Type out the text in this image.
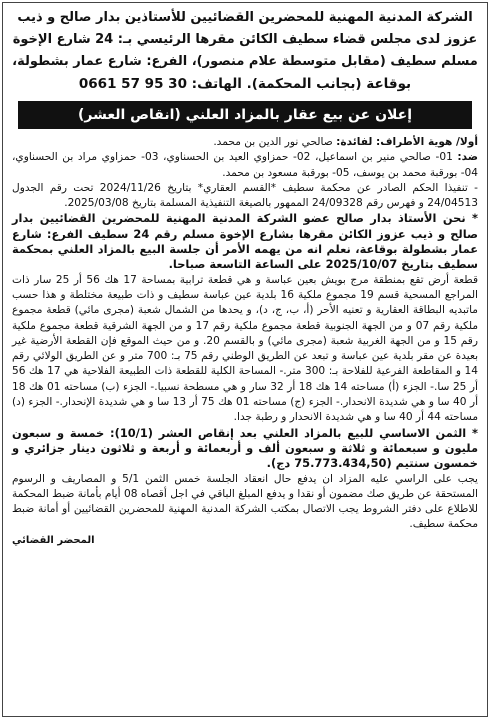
الشركة المدنية المهنية للمحضرين القضائيين للأستاذين بدار صالح و ذيب
عزوز لدى مجلس قضاء سطيف الكائن مقرها الرئيسي بـ: 24 شارع الإخوة
مسلم سطيف (مقابل متوسطة علام منصور)، الفرع: شارع عمار بشطولة،
بوقاعة (بجانب المحكمة). الهاتف: 30 95 57 0661
إعلان عن بيع عقار بالمزاد العلني (انقاص العشر)

أولا/ هوية الأطراف: لفائدة: صالحي نور الدين بن محمد.

ضد: 01- صالحي منير بن اسماعيل، 02- حمزاوي العيد بن الحسناوي، 03- حمزاوي مراد بن الحسناوي، 04- بورقبة محمد بن يوسف، 05- بورقبة مسعود بن محمد.

- تنفيذا الحكم الصادر عن محكمة سطيف *القسم العقاري* بتاريخ 2024/11/26 تحت رقم الجدول 24/04513 و فهرس رقم 24/09328 الممهور بالصيغة التنفيذية المسلمة بتاريخ 2025/03/08.

* نحن الأستاذ بدار صالح عضو الشركة المدنية المهنية للمحضرين القضائيين بدار صالح و ذيب عزوز الكائن مقرها بشارع الإخوة مسلم رقم 24 سطيف الفرع: شارع عمار بشطولة بوقاعة، نعلم انه من يهمه الأمر أن جلسة البيع بالمزاد العلني بمحكمة سطيف بتاريخ 2025/10/07 على الساعة التاسعة صباحا.

قطعة أرض تقع بمنطقة مرج بويش بعين عباسة و هي قطعة ترابية بمساحة 17 هك 56 أر 25 سار ذات المراجع المسحية قسم 19 مجموع ملكية 16 بلدية عين عباسة سطيف و ذات طبيعة مختلطة و هذا حسب ماتبديه البطاقة العقارية و تعنيه الأحر (أ، ب، ج، د)، و يحدها من الشمال شعبة (مجرى مائي) قطعة مجموع ملكية رقم 07 و من الجهة الجنوبية قطعة مجموع ملكية رقم 17 و من الجهة الشرقية قطعة مجموع ملكية رقم 15 و من الجهة الغربية شعبة (مجرى مائي) و بالقسم 20. و من حيث الموقع فإن القطعة الأرضية غير بعيدة عن مقر بلدية عين عباسة و تبعد عن الطريق الوطني رقم 75 بـ: 700 متر و عن الطريق الولائي رقم 14 و المقاطعة الفرعية للفلاحة بـ: 300 متر.- المساحة الكلية للقطعة ذات الطبيعة الفلاحية هي 17 هك 56 أر 25 سا.- الجزء (أ) مساحته 14 هك 18 أر 32 سار و هي مسطحة نسبيا.- الجزء (ب) مساحته 01 هك 18 أر 40 سا و هي شديدة الانحدار.- الجزء (ج) مساحته 01 هك 75 أر 13 سا و هي شديدة الإنحدار.- الجزء (د) مساحته 44 أر 40 سا و هي شديدة الانحدار و رطبة جدا.

* الثمن الاساسي للبيع بالمزاد العلني بعد إنقاص العشر (10/1): خمسة و سبعون مليون و سبعمائة و ثلاثة و سبعون ألف و أربعمائة و أربعة و ثلاثون دينار جزائري و خمسون سنتيم (75.773.434,50 دج).

يجب على الراسي عليه المزاد ان يدفع حال انعقاد الجلسة خمس الثمن 5/1 و المصاريف و الرسوم المستحقة عن طريق صك مضمون أو نقدا و يدفع المبلغ الباقي في اجل أقصاه 08 أيام بأمانة ضبط المحكمة للاطلاع على دفتر الشروط يجب الاتصال بمكتب الشركة المدنية المهنية للمحضرين القضائيين أو أمانة ضبط محكمة سطيف.

المحضر القضائي
